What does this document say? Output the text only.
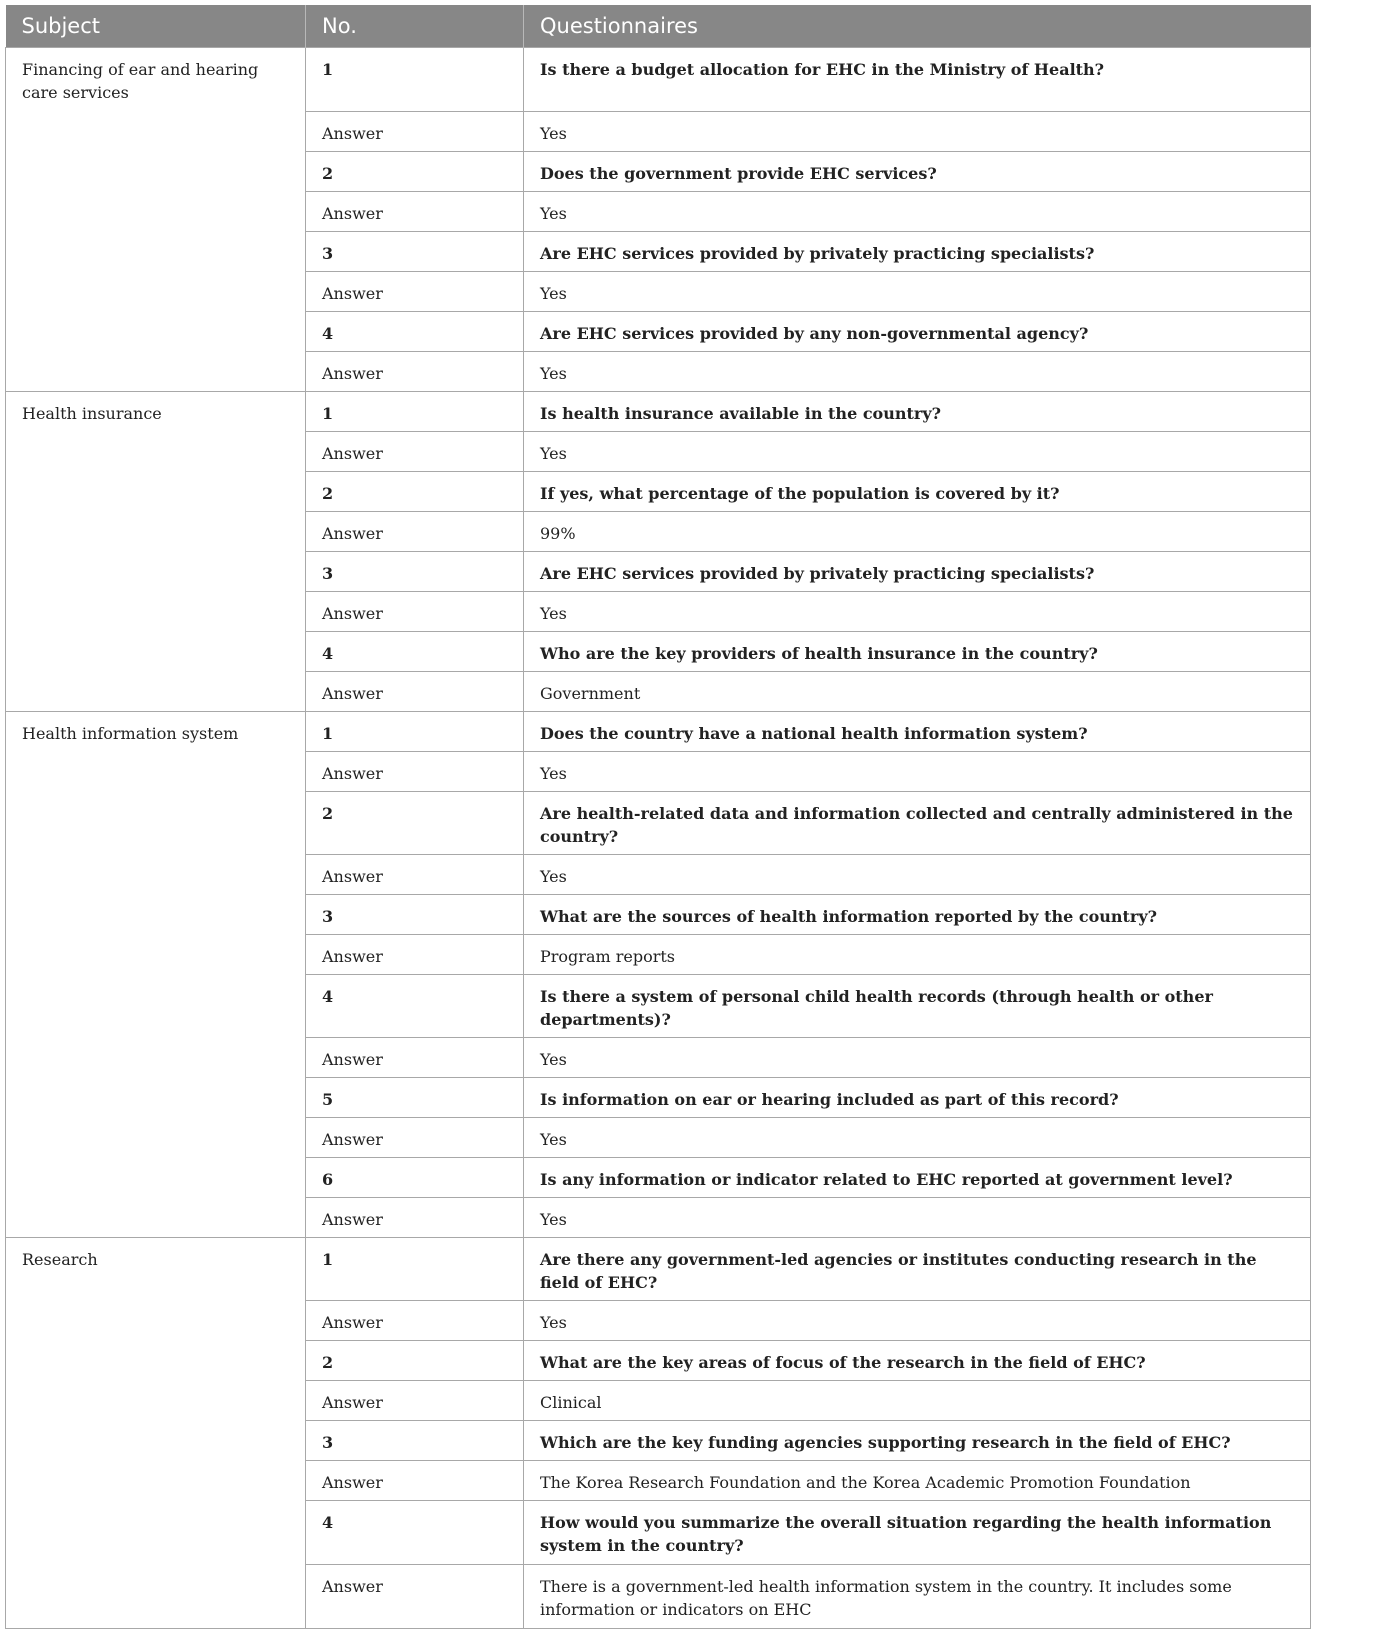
Subject	No.	Questionnaires
Financing of ear and hearing care services	1	Is there a budget allocation for EHC in the Ministry of Health?
	Answer	Yes
	2	Does the government provide EHC services?
	Answer	Yes
	3	Are EHC services provided by privately practicing specialists?
	Answer	Yes
	4	Are EHC services provided by any non-governmental agency?
	Answer	Yes
Health insurance	1	Is health insurance available in the country?
	Answer	Yes
	2	If yes, what percentage of the population is covered by it?
	Answer	99%
	3	Are EHC services provided by privately practicing specialists?
	Answer	Yes
	4	Who are the key providers of health insurance in the country?
	Answer	Government
Health information system	1	Does the country have a national health information system?
	Answer	Yes
	2	Are health-related data and information collected and centrally administered in the country?
	Answer	Yes
	3	What are the sources of health information reported by the country?
	Answer	Program reports
	4	Is there a system of personal child health records (through health or other departments)?
	Answer	Yes
	5	Is information on ear or hearing included as part of this record?
	Answer	Yes
	6	Is any information or indicator related to EHC reported at government level?
	Answer	Yes
Research	1	Are there any government-led agencies or institutes conducting research in the field of EHC?
	Answer	Yes
	2	What are the key areas of focus of the research in the field of EHC?
	Answer	Clinical
	3	Which are the key funding agencies supporting research in the field of EHC?
	Answer	The Korea Research Foundation and the Korea Academic Promotion Foundation
	4	How would you summarize the overall situation regarding the health information system in the country?
	Answer	There is a government-led health information system in the country. It includes some information or indicators on EHC
